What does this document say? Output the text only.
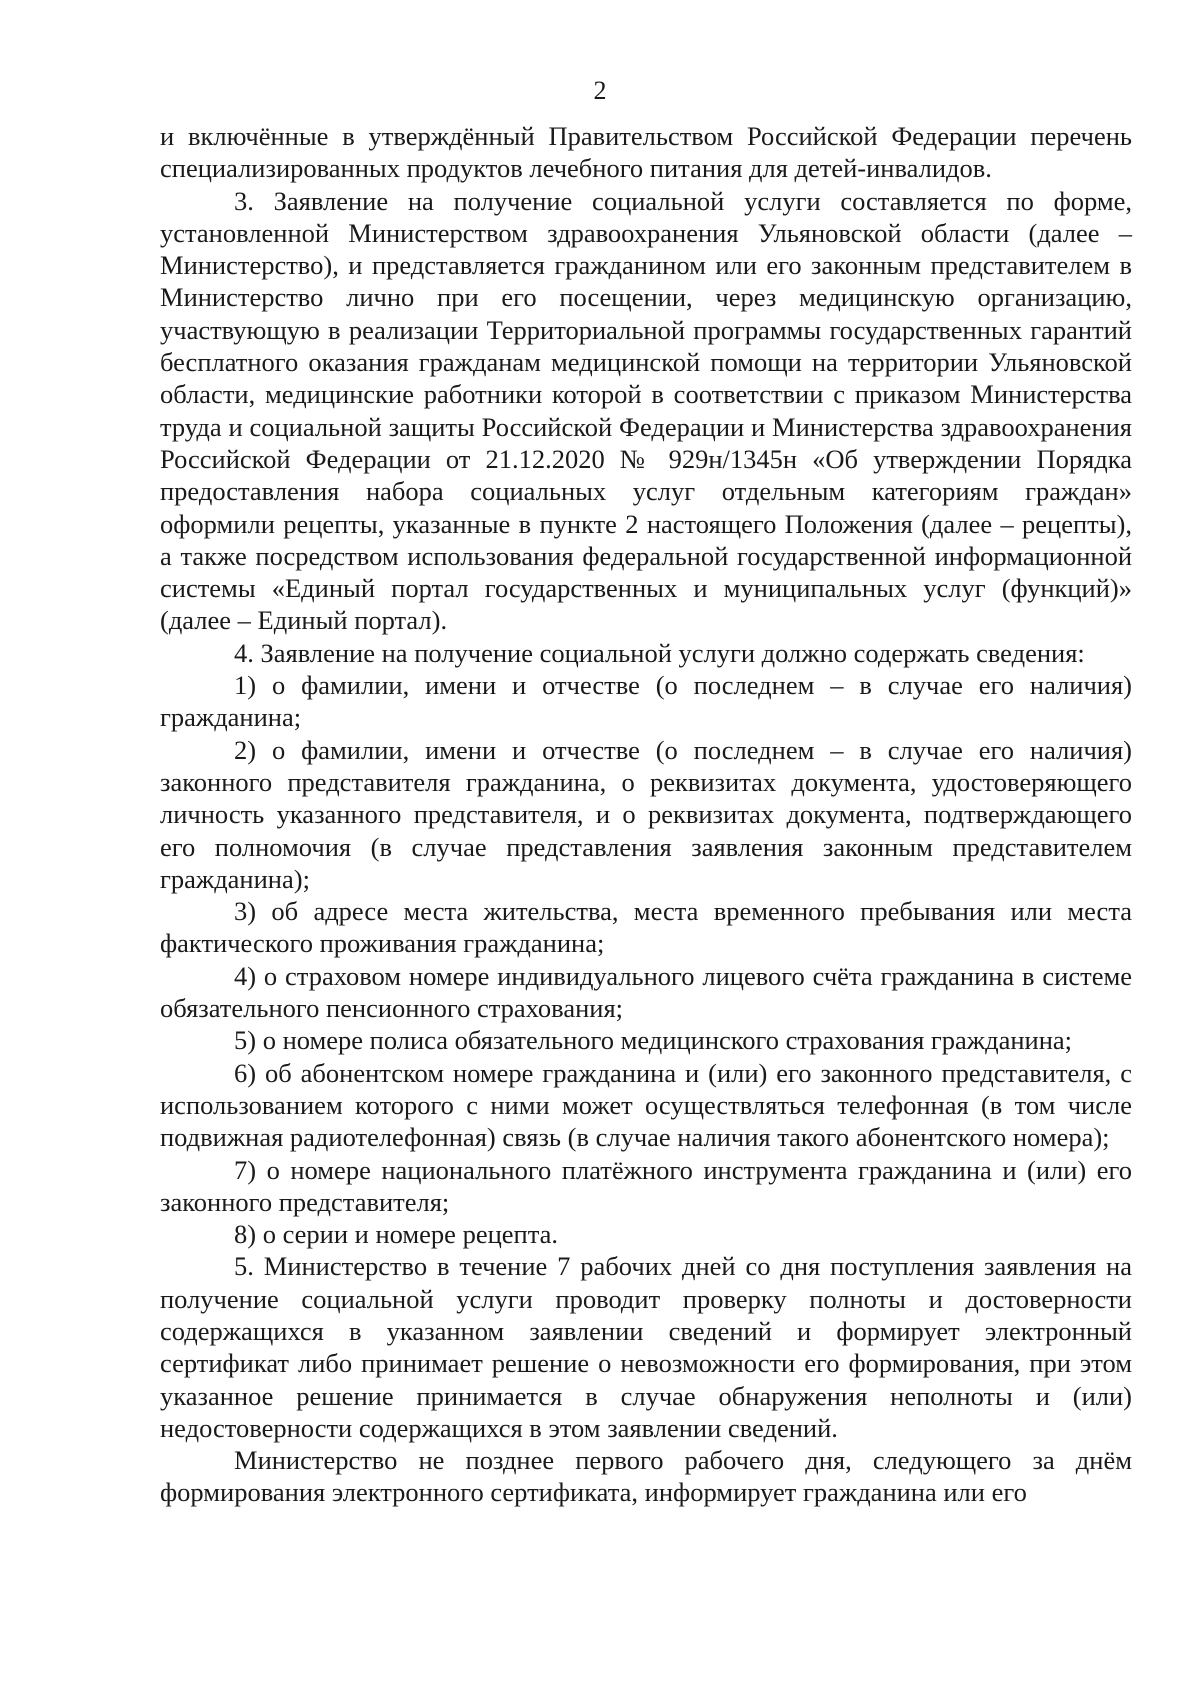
2

и включённые в утверждённый Правительством Российской Федерации перечень специализированных продуктов лечебного питания для детей-инвалидов.

3. Заявление на получение социальной услуги составляется по форме, установленной Министерством здравоохранения Ульяновской области (далее – Министерство), и представляется гражданином или его законным представителем в Министерство лично при его посещении, через медицинскую организацию, участвующую в реализации Территориальной программы государственных гарантий бесплатного оказания гражданам медицинской помощи на территории Ульяновской области, медицинские работники которой в соответствии с приказом Министерства труда и социальной защиты Российской Федерации и Министерства здравоохранения Российской Федерации от 21.12.2020 № 929н/1345н «Об утверждении Порядка предоставления набора социальных услуг отдельным категориям граждан» оформили рецепты, указанные в пункте 2 настоящего Положения (далее – рецепты), а также посредством использования федеральной государственной информационной системы «Единый портал государственных и муниципальных услуг (функций)» (далее – Единый портал).

4. Заявление на получение социальной услуги должно содержать сведения:

1) о фамилии, имени и отчестве (о последнем – в случае его наличия) гражданина;

2) о фамилии, имени и отчестве (о последнем – в случае его наличия) законного представителя гражданина, о реквизитах документа, удостоверяющего личность указанного представителя, и о реквизитах документа, подтверждающего его полномочия (в случае представления заявления законным представителем гражданина);

3) об адресе места жительства, места временного пребывания или места фактического проживания гражданина;

4) о страховом номере индивидуального лицевого счёта гражданина в системе обязательного пенсионного страхования;

5) о номере полиса обязательного медицинского страхования гражданина;

6) об абонентском номере гражданина и (или) его законного представителя, с использованием которого с ними может осуществляться телефонная (в том числе подвижная радиотелефонная) связь (в случае наличия такого абонентского номера);

7) о номере национального платёжного инструмента гражданина и (или) его законного представителя;

8) о серии и номере рецепта.

5. Министерство в течение 7 рабочих дней со дня поступления заявления на получение социальной услуги проводит проверку полноты и достоверности содержащихся в указанном заявлении сведений и формирует электронный сертификат либо принимает решение о невозможности его формирования, при этом указанное решение принимается в случае обнаружения неполноты и (или) недостоверности содержащихся в этом заявлении сведений.

Министерство не позднее первого рабочего дня, следующего за днём формирования электронного сертификата, информирует гражданина или его
